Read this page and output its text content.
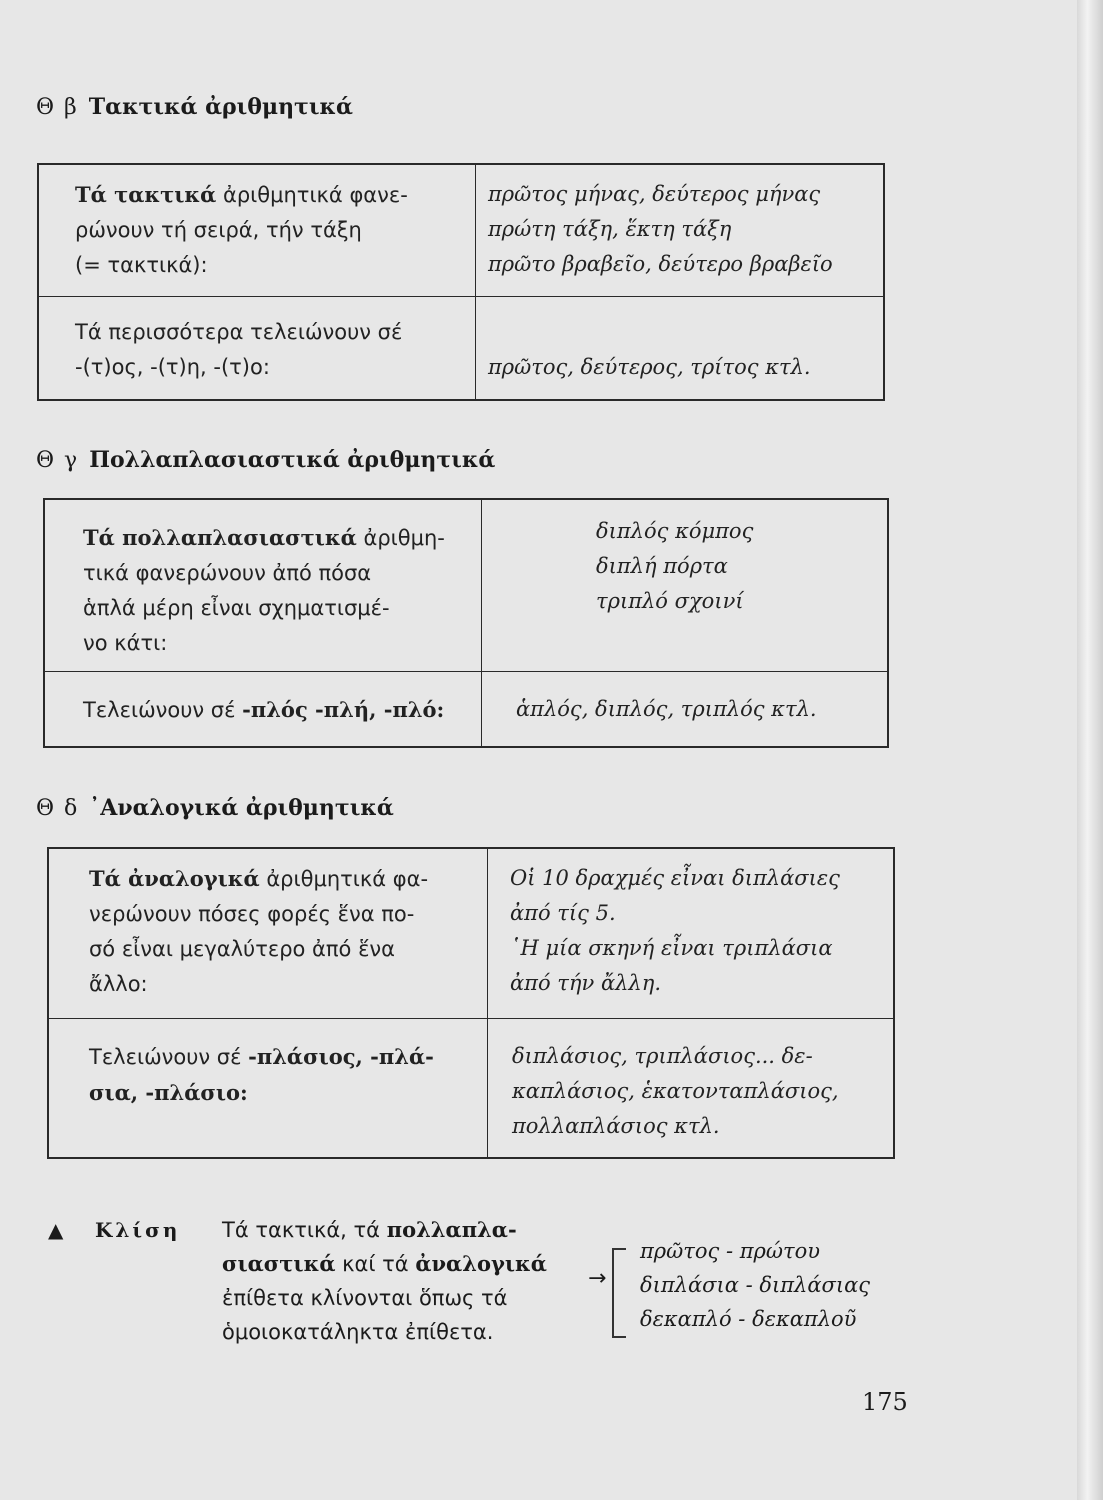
Θ β Τακτικά ἀριθμητικά
Τά τακτικά ἀριθμητικά φανε-
ρώνουν τή σειρά, τήν τάξη
(= τακτικά):	πρῶτος μήνας, δεύτερος μήνας
πρώτη τάξη, ἕκτη τάξη
πρῶτο βραβεῖο, δεύτερο βραβεῖο

Τά περισσότερα τελειώνουν σέ
-(τ)ος, -(τ)η, -(τ)ο:	πρῶτος, δεύτερος, τρίτος κτλ.
Θ γ Πολλαπλασιαστικά ἀριθμητικά
Τά πολλαπλασιαστικά ἀριθμη-
τικά φανερώνουν ἀπό πόσα
ἁπλά μέρη εἶναι σχηματισμέ-
νο κάτι:	διπλός κόμπος
διπλή πόρτα
τριπλό σχοινί

Τελειώνουν σέ -πλός -πλή, -πλό:	ἁπλός, διπλός, τριπλός κτλ.
Θ δ ᾿Αναλογικά ἀριθμητικά
Τά ἀναλογικά ἀριθμητικά φα-
νερώνουν πόσες φορές ἕνα πο-
σό εἶναι μεγαλύτερο ἀπό ἕνα
ἄλλο:	Οἱ 10 δραχμές εἶναι διπλάσιες
ἀπό τίς 5.
῾Η μία σκηνή εἶναι τριπλάσια
ἀπό τήν ἄλλη.

Τελειώνουν σέ -πλάσιος, -πλά-
σια, -πλάσιο:	διπλάσιος, τριπλάσιος... δε-
καπλάσιος, ἑκατονταπλάσιος,
πολλαπλάσιος κτλ.
▲ Κλίση Τά τακτικά, τά πολλαπλα-
σιαστικά καί τά ἀναλογικά
ἐπίθετα κλίνονται ὅπως τά
ὁμοιοκατάληκτα ἐπίθετα.
→
πρῶτος - πρώτου
διπλάσια - διπλάσιας
δεκαπλό - δεκαπλοῦ
175
